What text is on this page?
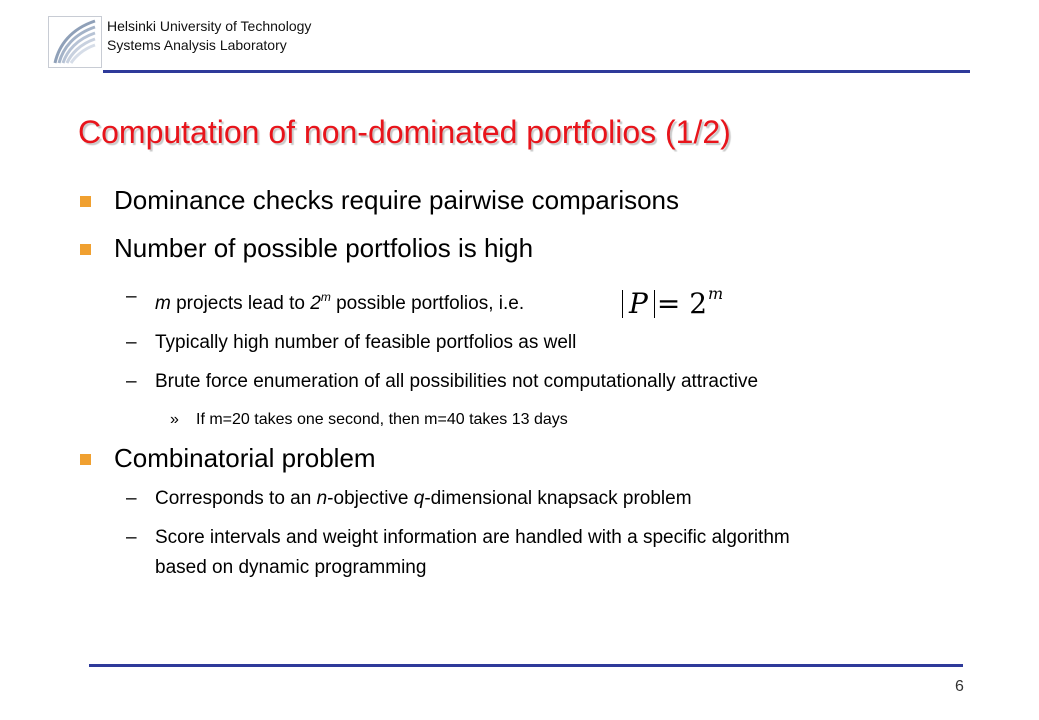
Helsinki University of Technology
Systems Analysis Laboratory
Computation of non-dominated portfolios (1/2)
Dominance checks require pairwise comparisons
Number of possible portfolios is high
– m projects lead to 2$^m$ possible portfolios, i.e.	$P = 2^m$
– Typically high number of feasible portfolios as well
– Brute force enumeration of all possibilities not computationally attractive
» If m=20 takes one second, then m=40 takes 13 days
Combinatorial problem
– Corresponds to an n-objective q-dimensional knapsack problem
– Score intervals and weight information are handled with a specific algorithm
based on dynamic programming
6
